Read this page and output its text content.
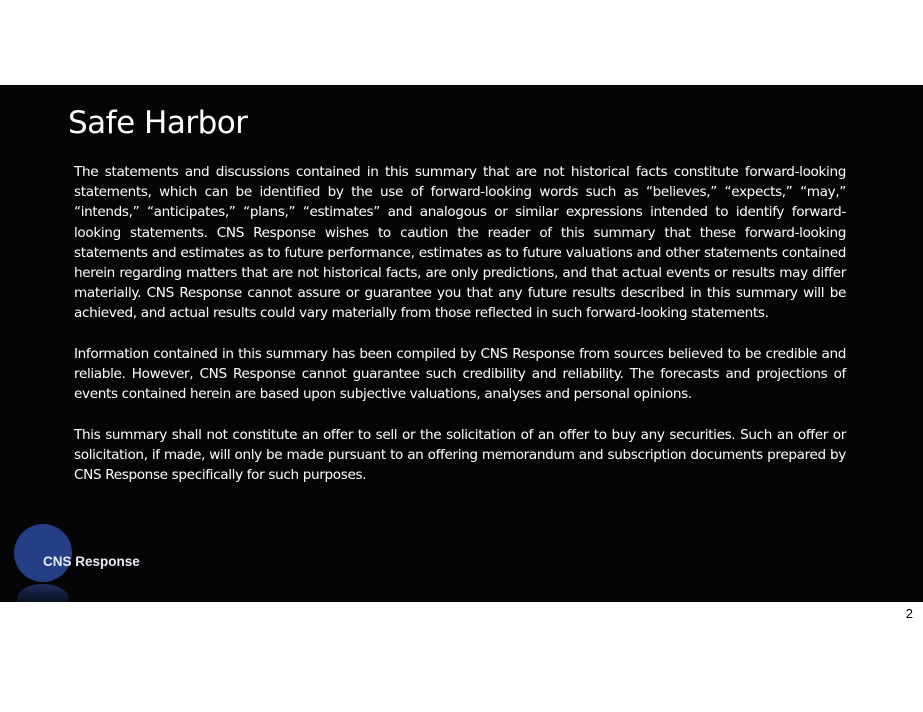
Safe Harbor

The statements and discussions contained in this summary that are not historical facts constitute forward-looking statements, which can be identified by the use of forward-looking words such as “believes,” “expects,” “may,” “intends,” “anticipates,” “plans,” “estimates” and analogous or similar expressions intended to identify forward-looking statements. CNS Response wishes to caution the reader of this summary that these forward-looking statements and estimates as to future performance, estimates as to future valuations and other statements contained herein regarding matters that are not historical facts, are only predictions, and that actual events or results may differ materially. CNS Response cannot assure or guarantee you that any future results described in this summary will be achieved, and actual results could vary materially from those reflected in such forward-looking statements.

Information contained in this summary has been compiled by CNS Response from sources believed to be credible and reliable. However, CNS Response cannot guarantee such credibility and reliability. The forecasts and projections of events contained herein are based upon subjective valuations, analyses and personal opinions.

This summary shall not constitute an offer to sell or the solicitation of an offer to buy any securities. Such an offer or solicitation, if made, will only be made pursuant to an offering memorandum and subscription documents prepared by CNS Response specifically for such purposes.

CNS Response
2
